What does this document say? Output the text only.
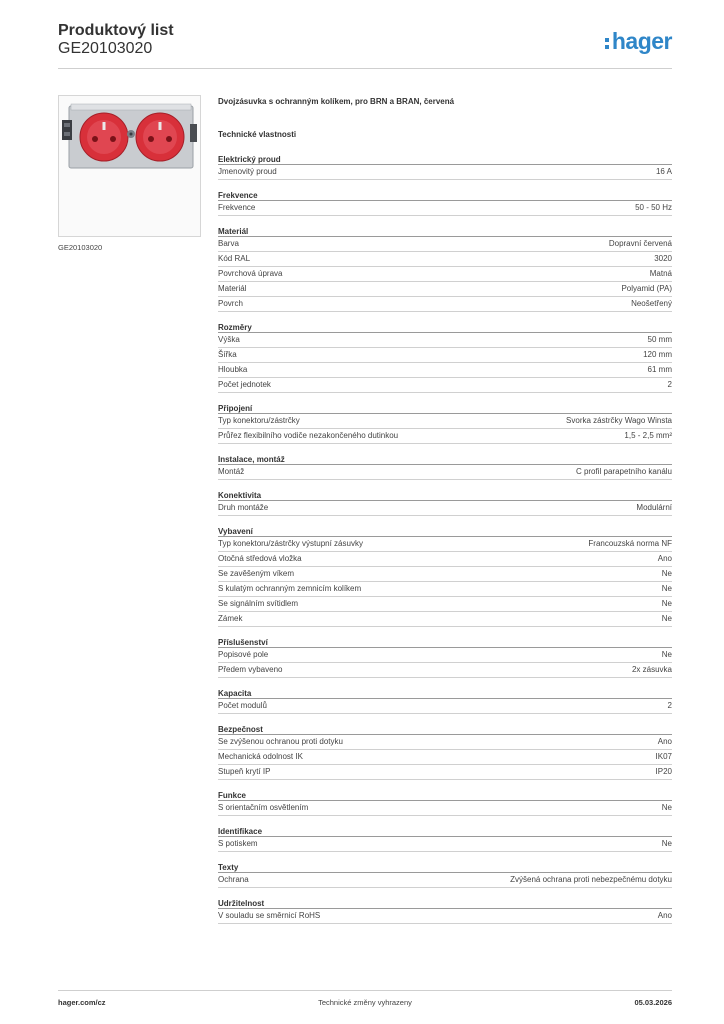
Produktový list
GE20103020	hager
GE20103020
Dvojzásuvka s ochranným kolíkem, pro BRN a BRAN, červená
Technické vlastnosti
Elektrický proud
Jmenovitý proud	16 A
Frekvence
Frekvence	50 - 50 Hz
Materiál
Barva	Dopravní červená
Kód RAL	3020
Povrchová úprava	Matná
Materiál	Polyamid (PA)
Povrch	Neošetřený
Rozměry
Výška	50 mm
Šířka	120 mm
Hloubka	61 mm
Počet jednotek	2
Připojení
Typ konektoru/zástrčky	Svorka zástrčky Wago Winsta
Průřez flexibilního vodiče nezakončeného dutinkou	1,5 - 2,5 mm²
Instalace, montáž
Montáž	C profil parapetního kanálu
Konektivita
Druh montáže	Modulární
Vybavení
Typ konektoru/zástrčky výstupní zásuvky	Francouzská norma NF
Otočná středová vložka	Ano
Se zavěšeným víkem	Ne
S kulatým ochranným zemnicím kolíkem	Ne
Se signálním svítidlem	Ne
Zámek	Ne
Příslušenství
Popisové pole	Ne
Předem vybaveno	2x zásuvka
Kapacita
Počet modulů	2
Bezpečnost
Se zvýšenou ochranou proti dotyku	Ano
Mechanická odolnost IK	IK07
Stupeň krytí IP	IP20
Funkce
S orientačním osvětlením	Ne
Identifikace
S potiskem	Ne
Texty
Ochrana	Zvýšená ochrana proti nebezpečnému dotyku
Udržitelnost
V souladu se směrnicí RoHS	Ano
hager.com/cz	Technické změny vyhrazeny	05.03.2026
